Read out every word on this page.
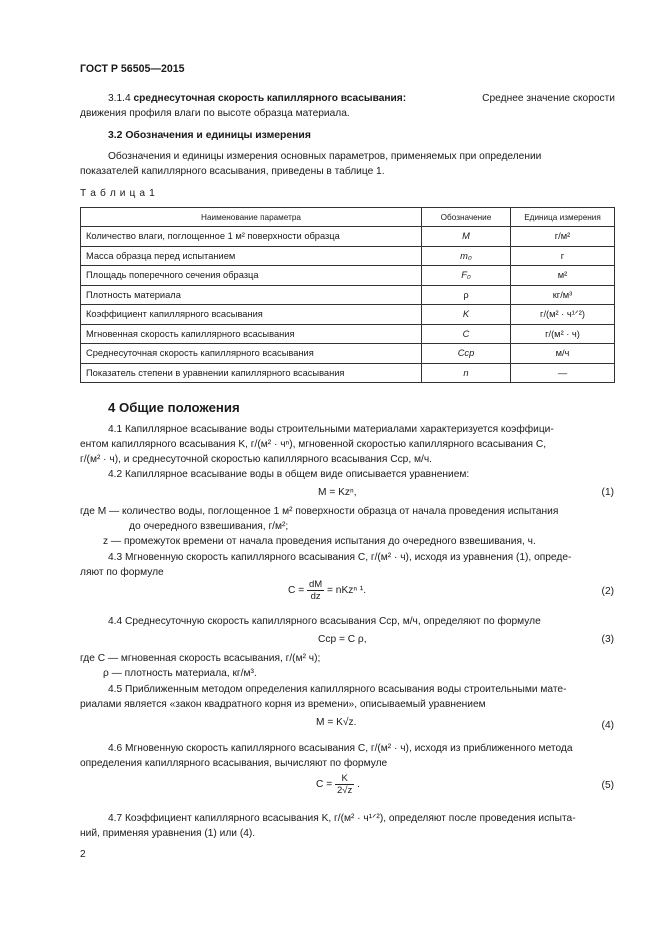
ГОСТ Р 56505—2015
3.1.4 среднесуточная скорость капиллярного всасывания:	Среднее значение скорости
движения профиля влаги по высоте образца материала.
3.2 Обозначения и единицы измерения
Обозначения и единицы измерения основных параметров, применяемых при определении
показателей капиллярного всасывания, приведены в таблице 1.
Т а б л и ц а 1
Наименование параметра	Обозначение	Единица измерения
Количество влаги, поглощенное 1 м² поверхности образца	M	г/м²
Масса образца перед испытанием	m₀	г
Площадь поперечного сечения образца	F₀	м²
Плотность материала	ρ	кг/м³
Коэффициент капиллярного всасывания	K	г/(м² · ч¹ᐟ²)
Мгновенная скорость капиллярного всасывания	C	г/(м² · ч)
Среднесуточная скорость капиллярного всасывания	Cср	м/ч
Показатель степени в уравнении капиллярного всасывания	n	—
4 Общие положения
4.1 Капиллярное всасывание воды строительными материалами характеризуется коэффици-
ентом капиллярного всасывания K, г/(м² · чⁿ), мгновенной скоростью капиллярного всасывания C,
г/(м² · ч), и среднесуточной скоростью капиллярного всасывания Cср, м/ч.
4.2 Капиллярное всасывание воды в общем виде описывается уравнением:
M = Kzⁿ,	(1)
где M — количество воды, поглощенное 1 м² поверхности образца от начала проведения испытания
до очередного взвешивания, г/м²;
z — промежуток времени от начала проведения испытания до очередного взвешивания, ч.
4.3 Мгновенную скорость капиллярного всасывания C, г/(м² · ч), исходя из уравнения (1), опреде-
ляют по формуле
$C = \frac{dM}{dz} = nKz^n$ ¹.	(2)
4.4 Среднесуточную скорость капиллярного всасывания Cср, м/ч, определяют по формуле
Cср = C ρ,	(3)
где C — мгновенная скорость всасывания, г/(м² ч);
ρ — плотность материала, кг/м³.
4.5 Приближенным методом определения капиллярного всасывания воды строительными мате-
риалами является «закон квадратного корня из времени», описываемый уравнением
M = K√z.	(4)
4.6 Мгновенную скорость капиллярного всасывания C, г/(м² · ч), исходя из приближенного метода
определения капиллярного всасывания, вычисляют по формуле
$C = \frac{K}{2√z}$ .	(5)
4.7 Коэффициент капиллярного всасывания K, г/(м² · ч¹ᐟ²), определяют после проведения испыта-
ний, применяя уравнения (1) или (4).
2
